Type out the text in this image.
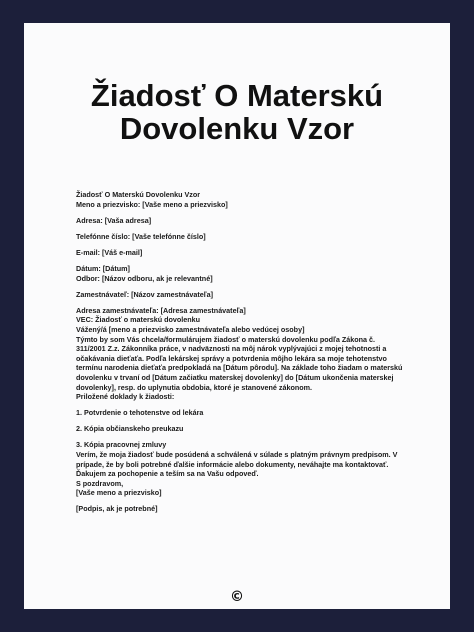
Žiadosť O Materskú
Dovolenku Vzor
Žiadosť O Materskú Dovolenku Vzor
Meno a priezvisko: [Vaše meno a priezvisko]
Adresa: [Vaša adresa]
Telefónne číslo: [Vaše telefónne číslo]
E-mail: [Váš e-mail]
Dátum: [Dátum]
Odbor: [Názov odboru, ak je relevantné]
Zamestnávateľ: [Názov zamestnávateľa]
Adresa zamestnávateľa: [Adresa zamestnávateľa]
VEC: Žiadosť o materskú dovolenku
Vážený/á [meno a priezvisko zamestnávateľa alebo vedúcej osoby]
Týmto by som Vás chcela/formulárujem žiadosť o materskú dovolenku podľa Zákona č. 311/2001 Z.z. Zákonníka práce, v nadväznosti na môj nárok vyplývajúci z mojej tehotnosti a očakávania dieťaťa. Podľa lekárskej správy a potvrdenia môjho lekára sa moje tehotenstvo termínu narodenia dieťaťa predpokladá na [Dátum pôrodu]. Na základe toho žiadam o materskú dovolenku v trvaní od [Dátum začiatku materskej dovolenky] do [Dátum ukončenia materskej dovolenky], resp. do uplynutia obdobia, ktoré je stanovené zákonom.
Priložené doklady k žiadosti:
1. Potvrdenie o tehotenstve od lekára
2. Kópia občianskeho preukazu
3. Kópia pracovnej zmluvy
Verím, že moja žiadosť bude posúdená a schválená v súlade s platným právnym predpisom. V prípade, že by boli potrebné ďalšie informácie alebo dokumenty, neváhajte ma kontaktovať.
Ďakujem za pochopenie a teším sa na Vašu odpoveď.
S pozdravom,
[Vaše meno a priezvisko]
[Podpis, ak je potrebné]
©
